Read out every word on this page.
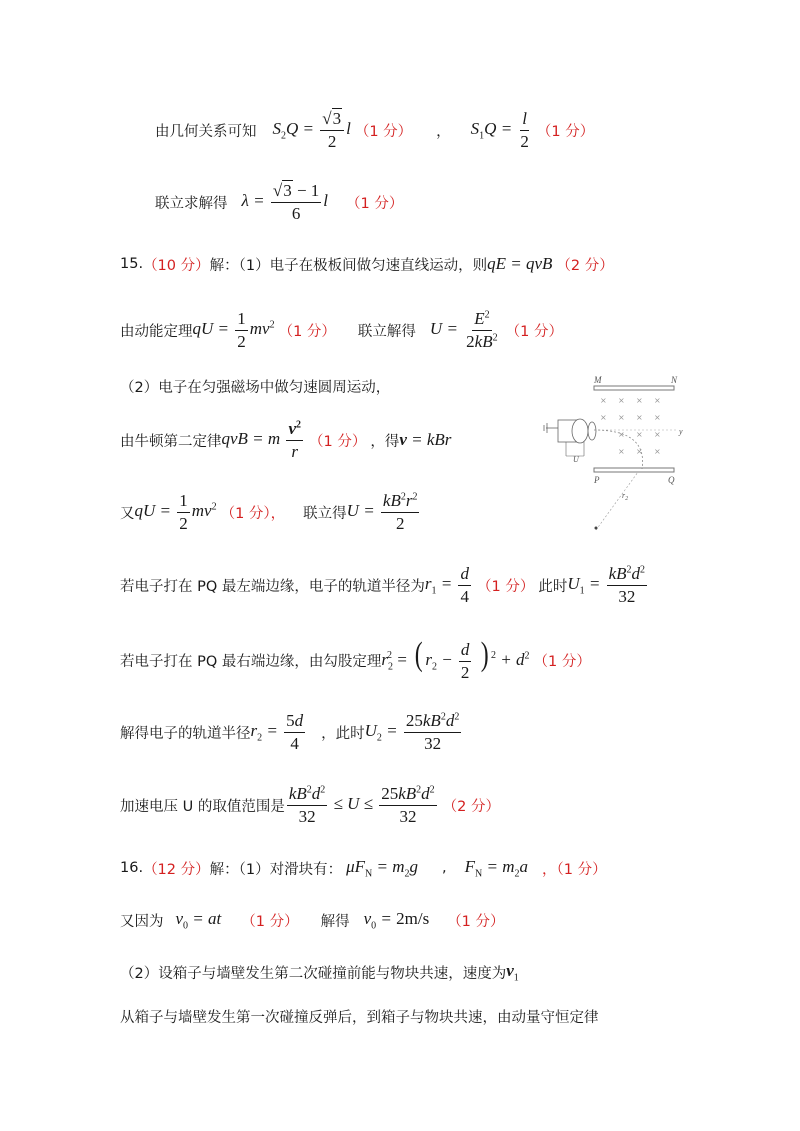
由几何关系可知 $S_2Q = \frac{√3}{2}$ l （1 分） ， $S_1Q = \frac{l}{2} (1$ 分）
联立求解得 $\lambda = \frac{√3 - 1}{6}$ l （1 分）
15. （10 分） 解：（1）电子在极板间做匀速直线运动，则 qE = qvB （2 分）
由动能定理 qU = $\frac{1}{2} mv^2$ （1 分） 联立解得 $U = \frac{E^2}{2kB^2} (1$ 分）
（2）电子在匀强磁场中做匀速圆周运动，
由牛顿第二定律 qvB = m $\frac{v^2}{r} (1$ 分） ，得 v = kBr
又 qU = $\frac{1}{2} mv^2$ （1 分）， 联立得 $U = \frac{kB^2r^2}{2}$
M	N
× × × ×
× × × ×
× × ×
× × ×
y
U
P	Q
$r_2$
若电子打在 PQ 最左端边缘，电子的轨道半径为 $r_1 = \frac{d}{4} (1$ 分） 此时 $U_1 = \frac{kB^2d^2}{32}$
若电子打在 PQ 最右端边缘，由勾股定理 $r_2^2$ = ( $r_2 - \frac{d}{2}$ ) $^2 + d^2$ （1 分）
解得电子的轨道半径 $r_2 = \frac{5d}{4}$ ，此时 $U_2 = \frac{25kB^2d^2}{32}$
加速电压 U 的取值范围是 $\frac{kB^2d^2}{32} \le U \le \frac{25kB^2d^2}{32} (2$ 分）
16. （12 分） 解：（1）对滑块有： $\mu F_N = m_2g$ , $F_N = m_2a$ ，（1 分）
又因为 $v_0$ = at （1 分） 解得 $v_0 = 2m/s$ （1 分）
（2）设箱子与墙壁发生第二次碰撞前能与物块共速，速度为 $v_1$
从箱子与墙壁发生第一次碰撞反弹后，到箱子与物块共速，由动量守恒定律
